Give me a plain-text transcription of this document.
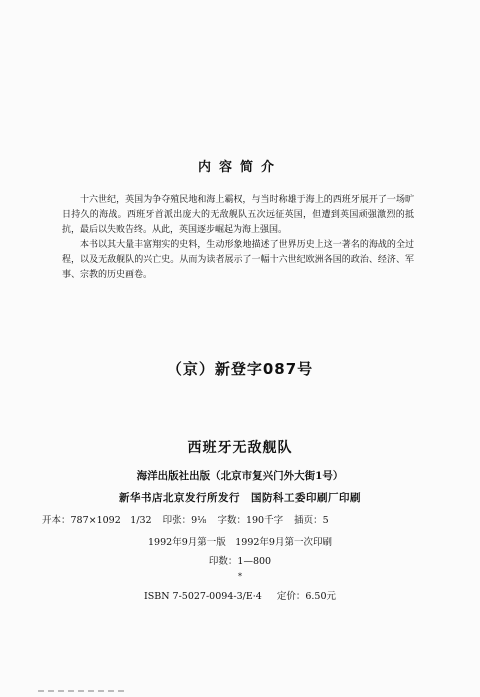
内容简介

十六世纪，英国为争夺殖民地和海上霸权，与当时称雄于海上的西班牙展开了一场旷日持久的海战。西班牙首派出庞大的无敌舰队五次远征英国，但遭到英国顽强激烈的抵抗，最后以失败告终。从此，英国逐步崛起为海上强国。

本书以其大量丰富翔实的史料，生动形象地描述了世界历史上这一著名的海战的全过程，以及无敌舰队的兴亡史。从而为读者展示了一幅十六世纪欧洲各国的政治、经济、军事、宗教的历史画卷。

（京）新登字087号
西班牙无敌舰队
海洋出版社出版（北京市复兴门外大街1号）
新华书店北京发行所发行　国防科工委印刷厂印刷
开本：787×1092　1/32 印张：9⅛ 字数：190千字 插页：5
1992年9月第一版　1992年9月第一次印刷
印数：1—800
*
ISBN 7-5027-0094-3/E·4 定价：6.50元
